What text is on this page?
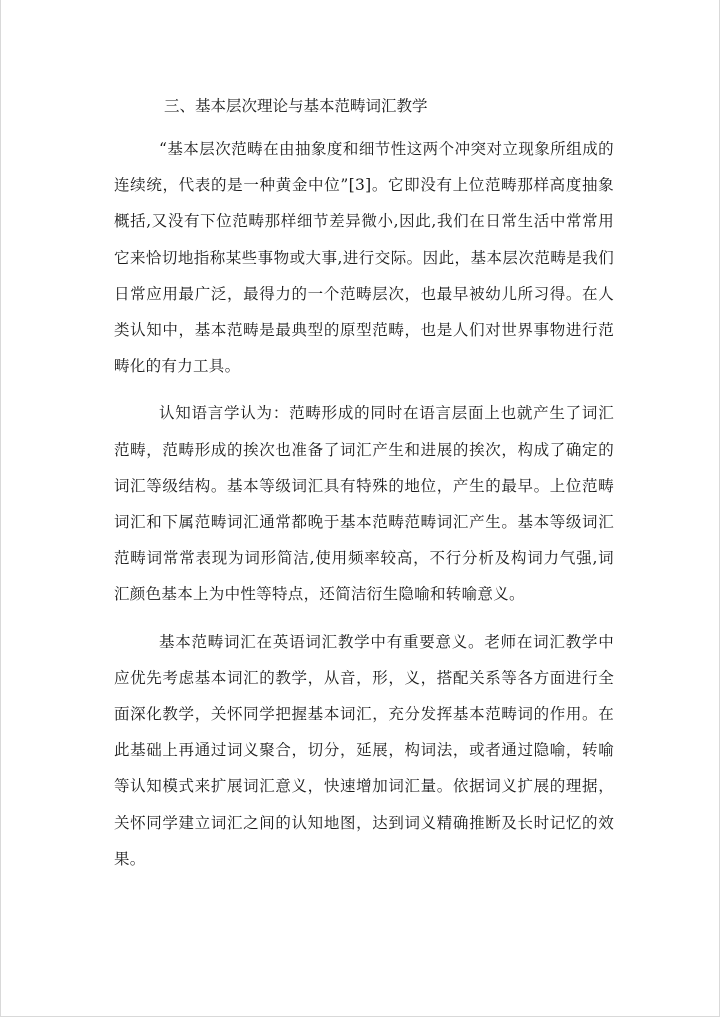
三、基本层次理论与基本范畴词汇教学

“基本层次范畴在由抽象度和细节性这两个冲突对立现象所组成的连续统，代表的是一种黄金中位”[3]。它即没有上位范畴那样高度抽象概括,又没有下位范畴那样细节差异微小,因此,我们在日常生活中常常用它来恰切地指称某些事物或大事,进行交际。因此，基本层次范畴是我们日常应用最广泛，最得力的一个范畴层次，也最早被幼儿所习得。在人类认知中，基本范畴是最典型的原型范畴，也是人们对世界事物进行范畴化的有力工具。

认知语言学认为：范畴形成的同时在语言层面上也就产生了词汇范畴，范畴形成的挨次也准备了词汇产生和进展的挨次，构成了确定的词汇等级结构。基本等级词汇具有特殊的地位，产生的最早。上位范畴词汇和下属范畴词汇通常都晚于基本范畴范畴词汇产生。基本等级词汇范畴词常常表现为词形简洁,使用频率较高，不行分析及构词力气强,词汇颜色基本上为中性等特点，还简洁衍生隐喻和转喻意义。

基本范畴词汇在英语词汇教学中有重要意义。老师在词汇教学中应优先考虑基本词汇的教学，从音，形，义，搭配关系等各方面进行全面深化教学，关怀同学把握基本词汇，充分发挥基本范畴词的作用。在此基础上再通过词义聚合，切分，延展，构词法，或者通过隐喻，转喻等认知模式来扩展词汇意义，快速增加词汇量。依据词义扩展的理据，关怀同学建立词汇之间的认知地图，达到词义精确推断及长时记忆的效果。
